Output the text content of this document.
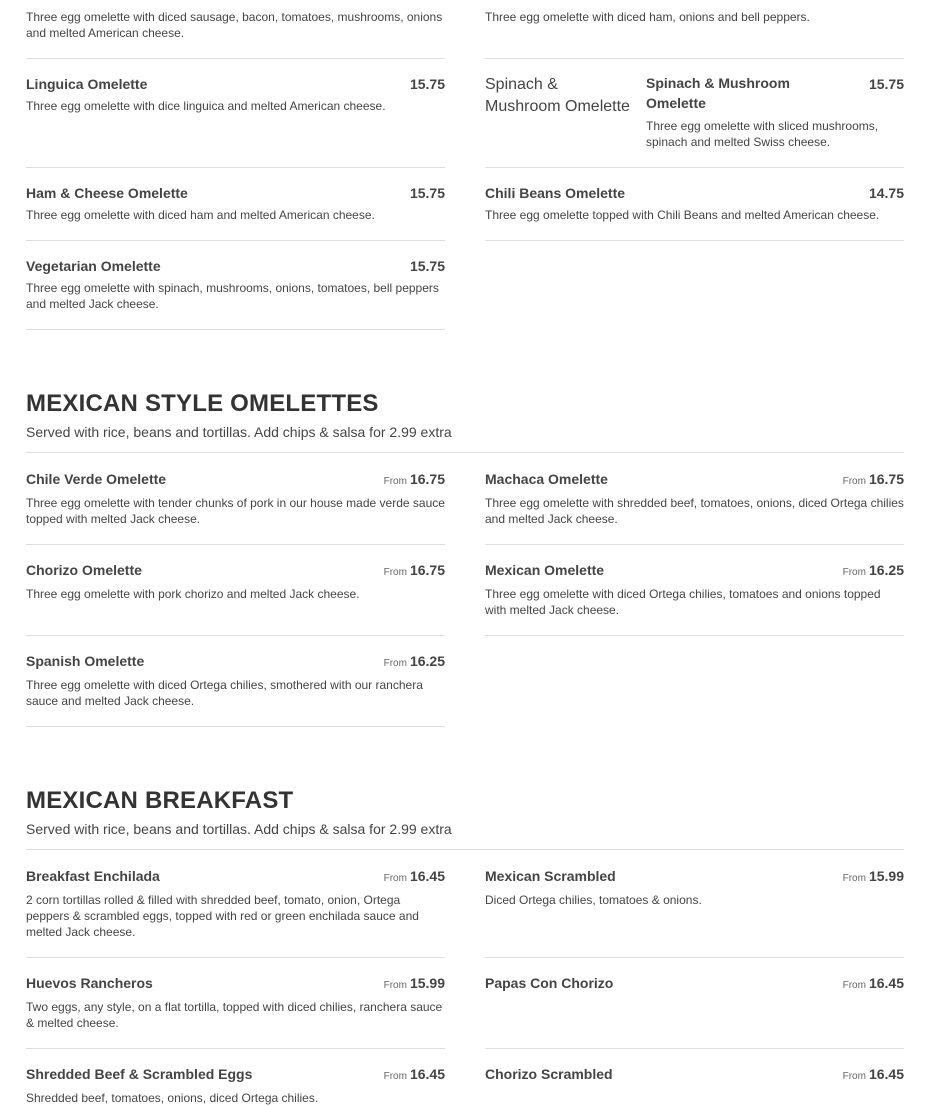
Three egg omelette with diced sausage, bacon, tomatoes, mushrooms, onions and melted American cheese.
Three egg omelette with diced ham, onions and bell peppers.
Linguica Omelette	15.75
Three egg omelette with dice linguica and melted American cheese.
Spinach & Mushroom Omelette
Spinach & Mushroom Omelette
15.75
Three egg omelette with sliced mushrooms, spinach and melted Swiss cheese.
Ham & Cheese Omelette	15.75
Three egg omelette with diced ham and melted American cheese.
Chili Beans Omelette	14.75
Three egg omelette topped with Chili Beans and melted American cheese.
Vegetarian Omelette	15.75
Three egg omelette with spinach, mushrooms, onions, tomatoes, bell peppers and melted Jack cheese.
MEXICAN STYLE OMELETTES
Served with rice, beans and tortillas. Add chips & salsa for 2.99 extra
Chile Verde Omelette	From 16.75
Three egg omelette with tender chunks of pork in our house made verde sauce topped with melted Jack cheese.
Machaca Omelette	From 16.75
Three egg omelette with shredded beef, tomatoes, onions, diced Ortega chilies and melted Jack cheese.
Chorizo Omelette	From 16.75
Three egg omelette with pork chorizo and melted Jack cheese.
Mexican Omelette	From 16.25
Three egg omelette with diced Ortega chilies, tomatoes and onions topped with melted Jack cheese.
Spanish Omelette	From 16.25
Three egg omelette with diced Ortega chilies, smothered with our ranchera sauce and melted Jack cheese.
MEXICAN BREAKFAST
Served with rice, beans and tortillas. Add chips & salsa for 2.99 extra
Breakfast Enchilada	From 16.45
2 corn tortillas rolled & filled with shredded beef, tomato, onion, Ortega peppers & scrambled eggs, topped with red or green enchilada sauce and melted Jack cheese.
Mexican Scrambled	From 15.99
Diced Ortega chilies, tomatoes & onions.
Huevos Rancheros	From 15.99
Two eggs, any style, on a flat tortilla, topped with diced chilies, ranchera sauce & melted cheese.
Papas Con Chorizo	From 16.45
Shredded Beef & Scrambled Eggs	From 16.45
Shredded beef, tomatoes, onions, diced Ortega chilies.
Chorizo Scrambled	From 16.45
